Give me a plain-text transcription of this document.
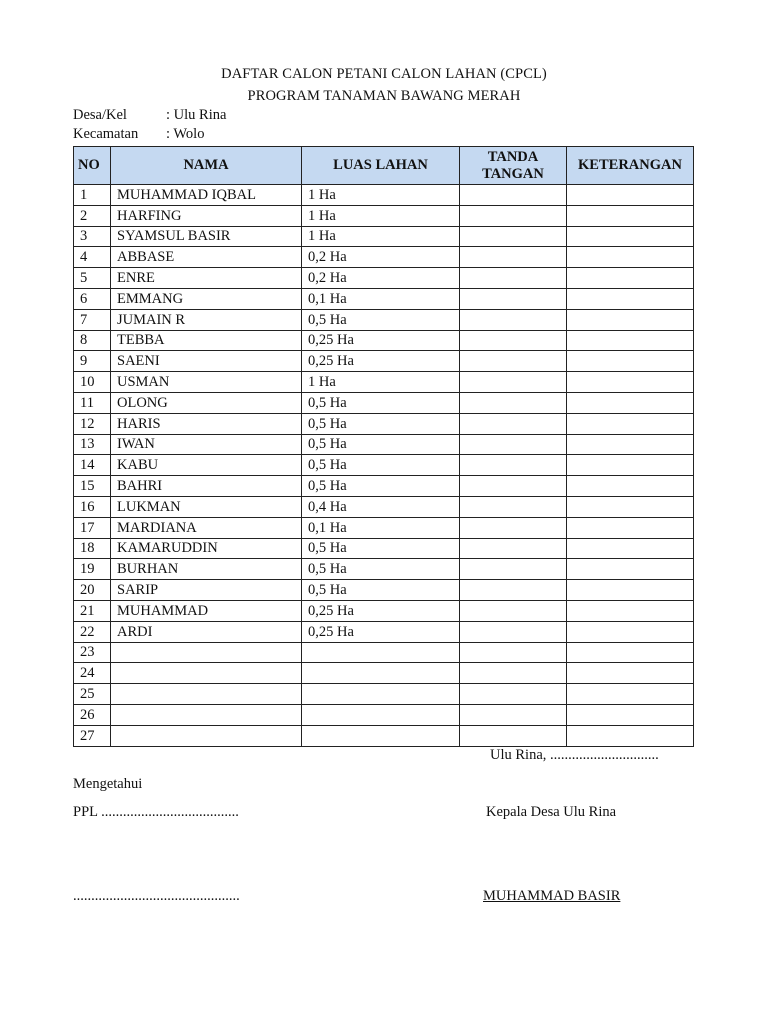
DAFTAR CALON PETANI CALON LAHAN (CPCL)
PROGRAM TANAMAN BAWANG MERAH
Desa/Kel	: Ulu Rina
Kecamatan : Wolo
NO	NAMA	LUAS LAHAN	TANDA
TANGAN	KETERANGAN
1	MUHAMMAD IQBAL	1 Ha		
2	HARFING	1 Ha		
3	SYAMSUL BASIR	1 Ha		
4	ABBASE	0,2 Ha		
5	ENRE	0,2 Ha		
6	EMMANG	0,1 Ha		
7	JUMAIN R	0,5 Ha		
8	TEBBA	0,25 Ha		
9	SAENI	0,25 Ha		
10	USMAN	1 Ha		
11	OLONG	0,5 Ha		
12	HARIS	0,5 Ha		
13	IWAN	0,5 Ha		
14	KABU	0,5 Ha		
15	BAHRI	0,5 Ha		
16	LUKMAN	0,4 Ha		
17	MARDIANA	0,1 Ha		
18	KAMARUDDIN	0,5 Ha		
19	BURHAN	0,5 Ha		
20	SARIP	0,5 Ha		
21	MUHAMMAD	0,25 Ha		
22	ARDI	0,25 Ha		
23				
24				
25				
26				
27				
Ulu Rina, ..............................
Mengetahui
PPL ......................................	Kepala Desa Ulu Rina
..............................................	MUHAMMAD BASIR
